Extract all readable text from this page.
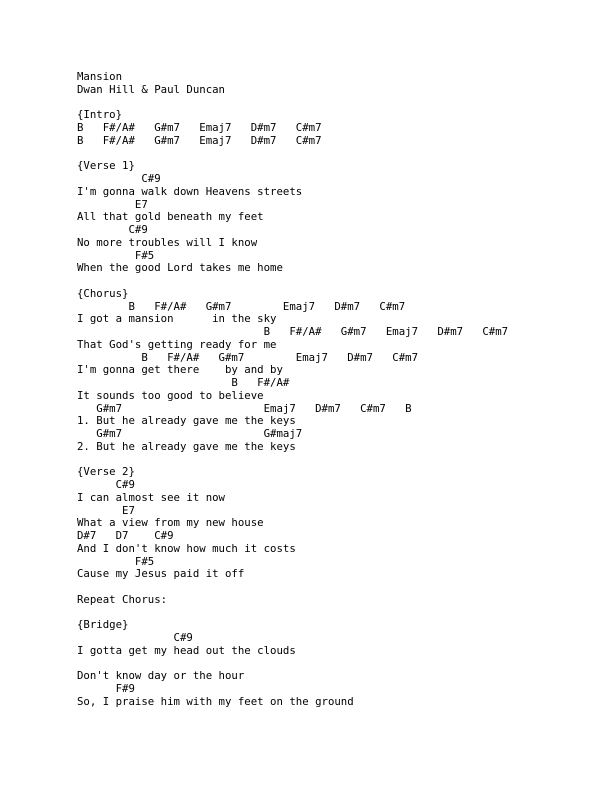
Mansion
Dwan Hill & Paul Duncan
{Intro}
B   F#/A#   G#m7   Emaj7   D#m7   C#m7
B   F#/A#   G#m7   Emaj7   D#m7   C#m7
{Verse 1}
C#9
I'm gonna walk down Heavens streets
E7
All that gold beneath my feet
C#9
No more troubles will I know
F#5
When the good Lord takes me home
{Chorus}
B   F#/A#   G#m7        Emaj7   D#m7   C#m7
I got a mansion      in the sky
B   F#/A#   G#m7   Emaj7   D#m7   C#m7
That God's getting ready for me
B   F#/A#   G#m7        Emaj7   D#m7   C#m7
I'm gonna get there    by and by
B   F#/A#
It sounds too good to believe
G#m7                      Emaj7   D#m7   C#m7   B
1. But he already gave me the keys
G#m7                      G#maj7
2. But he already gave me the keys
{Verse 2}
C#9
I can almost see it now
E7
What a view from my new house
D#7   D7    C#9
And I don't know how much it costs
F#5
Cause my Jesus paid it off
Repeat Chorus:
{Bridge}
C#9
I gotta get my head out the clouds
Don't know day or the hour
F#9
So, I praise him with my feet on the ground
